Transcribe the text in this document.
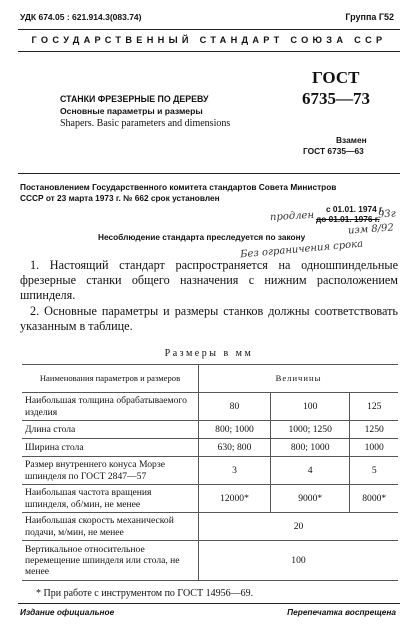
УДК 674.05 : 621.914.3(083.74)	Группа Г52
ГОСУДАРСТВЕННЫЙ СТАНДАРТ СОЮЗА ССР
СТАНКИ ФРЕЗЕРНЫЕ ПО ДЕРЕВУ
Основные параметры и размеры
Shapers. Basic parameters and dimensions
ГОСТ
6735—73
Взамен
ГОСТ 6735—63
Постановлением Государственного комитета стандартов Совета Министров
СССР от 23 марта 1973 г. № 662 срок установлен
с 01.01. 1974 г.
до 01.01. 1976 г.
продлен	93г
изм 8/92
Без ограничения срока
Несоблюдение стандарта преследуется по закону
1. Настоящий стандарт распространяется на одношпиндельные фрезерные станки общего назначения с нижним расположением шпинделя.
2. Основные параметры и размеры станков должны соответствовать указанным в таблице.
Размеры в мм
Наименования параметров и размеров	Величины		
Наибольшая толщина обрабатываемого изделия	80	100	125
Длина стола	800; 1000	1000; 1250	1250
Ширина стола	630; 800	800; 1000	1000
Размер внутреннего конуса Морзе шпинделя по ГОСТ 2847—57	3	4	5
Наибольшая частота вращения шпинделя, об/мин, не менее	12000*	9000*	8000*
Наибольшая скорость механической подачи, м/мин, не менее	20		
Вертикальное относительное перемещение шпинделя или стола, не менее	100		
* При работе с инструментом по ГОСТ 14956—69.
Издание официальное	Перепечатка воспрещена
